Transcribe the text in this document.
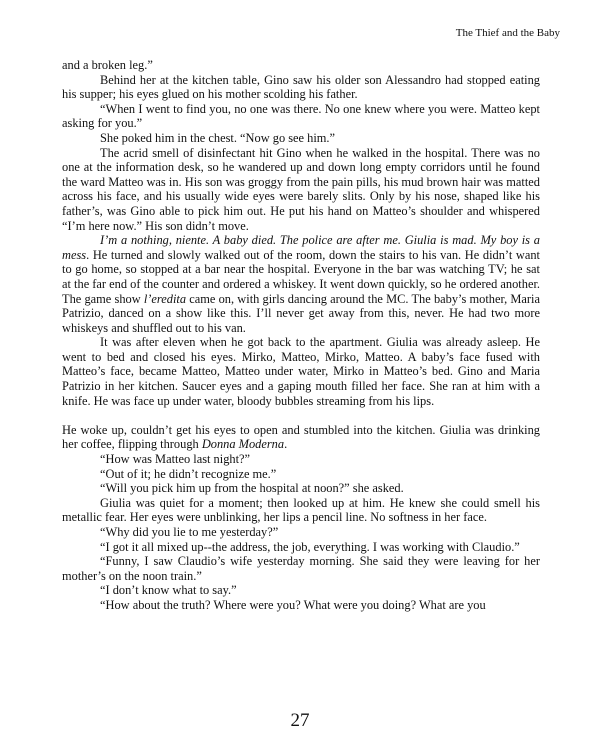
The Thief and the Baby

and a broken leg.”

Behind her at the kitchen table, Gino saw his older son Alessandro had stopped eating his supper; his eyes glued on his mother scolding his father.

“When I went to find you, no one was there. No one knew where you were. Matteo kept asking for you.”

She poked him in the chest. “Now go see him.”

The acrid smell of disinfectant hit Gino when he walked in the hospital. There was no one at the information desk, so he wandered up and down long empty corridors until he found the ward Matteo was in. His son was groggy from the pain pills, his mud brown hair was matted across his face, and his usually wide eyes were barely slits. Only by his nose, shaped like his father’s, was Gino able to pick him out. He put his hand on Matteo’s shoulder and whispered “I’m here now.” His son didn’t move.

I’m a nothing, niente. A baby died. The police are after me. Giulia is mad. My boy is a mess. He turned and slowly walked out of the room, down the stairs to his van. He didn’t want to go home, so stopped at a bar near the hospital. Everyone in the bar was watching TV; he sat at the far end of the counter and ordered a whiskey. It went down quickly, so he ordered another. The game show l’eredita came on, with girls dancing around the MC. The baby’s mother, Maria Patrizio, danced on a show like this. I’ll never get away from this, never. He had two more whiskeys and shuffled out to his van.

It was after eleven when he got back to the apartment. Giulia was already asleep. He went to bed and closed his eyes. Mirko, Matteo, Mirko, Matteo. A baby’s face fused with Matteo’s face, became Matteo, Matteo under water, Mirko in Matteo’s bed. Gino and Maria Patrizio in her kitchen. Saucer eyes and a gaping mouth filled her face. She ran at him with a knife. He was face up under water, bloody bubbles streaming from his lips.

He woke up, couldn’t get his eyes to open and stumbled into the kitchen. Giulia was drinking her coffee, flipping through Donna Moderna.

“How was Matteo last night?”

“Out of it; he didn’t recognize me.”

“Will you pick him up from the hospital at noon?” she asked.

Giulia was quiet for a moment; then looked up at him. He knew she could smell his metallic fear. Her eyes were unblinking, her lips a pencil line. No softness in her face.

“Why did you lie to me yesterday?”

“I got it all mixed up--the address, the job, everything. I was working with Claudio.”

“Funny, I saw Claudio’s wife yesterday morning. She said they were leaving for her mother’s on the noon train.”

“I don’t know what to say.”

“How about the truth? Where were you? What were you doing? What are you

27
